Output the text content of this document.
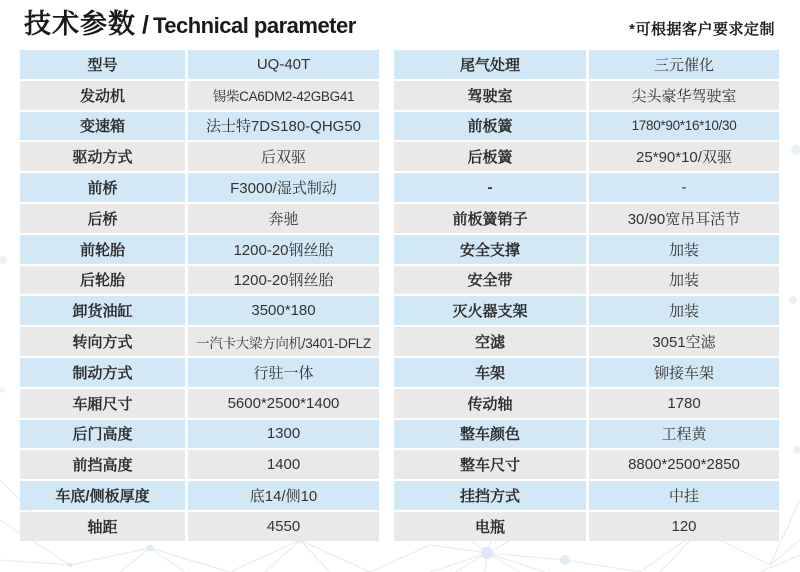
技术参数 / Technical parameter	*可根据客户要求定制
型号	UQ-40T
发动机	锡柴CA6DM2-42GBG41
变速箱	法士特7DS180-QHG50
驱动方式	后双驱
前桥	F3000/湿式制动
后桥	奔驰
前轮胎	1200-20钢丝胎
后轮胎	1200-20钢丝胎
卸货油缸	3500*180
转向方式	一汽卡大梁方向机/3401-DFLZ
制动方式	行驻一体
车厢尺寸	5600*2500*1400
后门高度	1300
前挡高度	1400
车底/侧板厚度	底14/侧10
轴距	4550
尾气处理	三元催化
驾驶室	尖头豪华驾驶室
前板簧	1780*90*16*10/30
后板簧	25*90*10/双驱
-	-
前板簧销子	30/90宽吊耳活节
安全支撑	加装
安全带	加装
灭火器支架	加装
空滤	3051空滤
车架	铆接车架
传动轴	1780
整车颜色	工程黄
整车尺寸	8800*2500*2850
挂挡方式	中挂
电瓶	120
